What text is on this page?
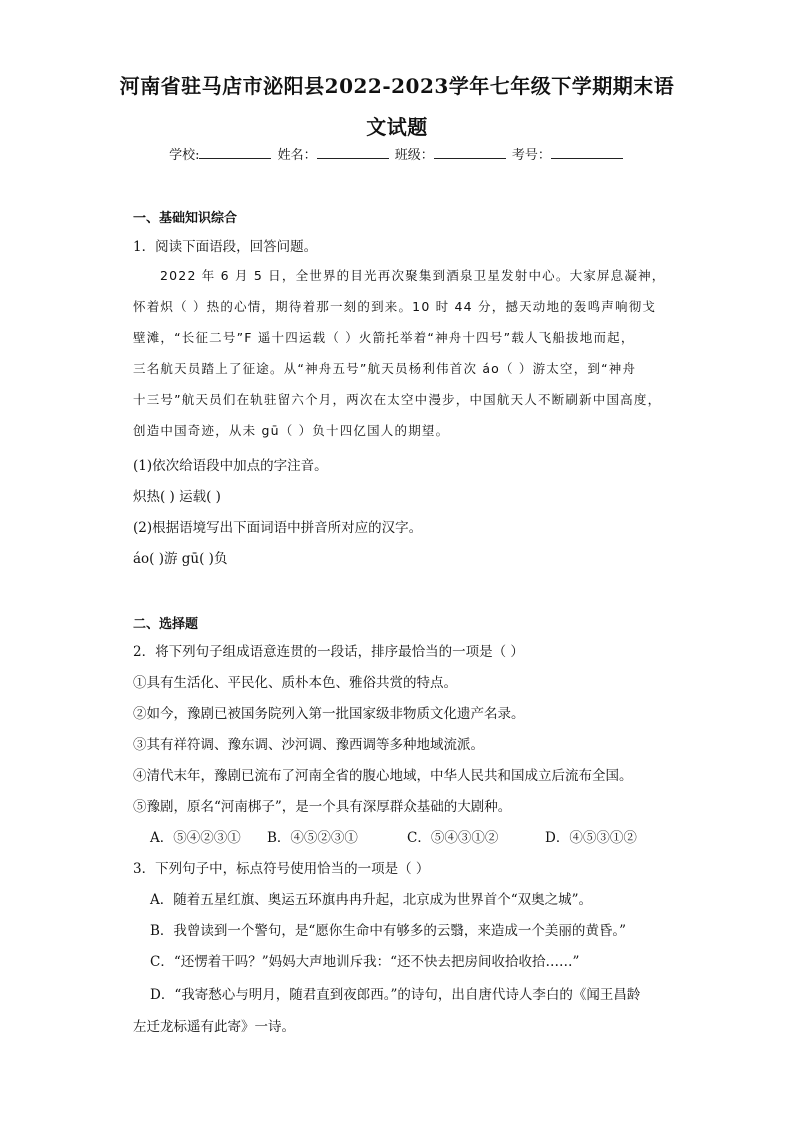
河南省驻马店市泌阳县2022-2023学年七年级下学期期末语
文试题
学校:	姓名：	班级：	考号：
一、基础知识综合
1．阅读下面语段，回答问题。
2022 年 6 月 5 日，全世界的目光再次聚集到酒泉卫星发射中心。大家屏息凝神，
怀着炽（ ）热的心情，期待着那一刻的到来。10 时 44 分，撼天动地的轰鸣声响彻戈
壁滩，“长征二号”F 遥十四运载（ ）火箭托举着“神舟十四号”载人飞船拔地而起，
三名航天员踏上了征途。从“神舟五号”航天员杨利伟首次 áo（ ）游太空，到“神舟
十三号”航天员们在轨驻留六个月，两次在太空中漫步，中国航天人不断刷新中国高度，
创造中国奇迹，从未 gū（ ）负十四亿国人的期望。
(1)依次给语段中加点的字注音。
炽热( ) 运载( )
(2)根据语境写出下面词语中拼音所对应的汉字。
áo( )游 gū( )负
二、选择题
2．将下列句子组成语意连贯的一段话，排序最恰当的一项是（ ）
①具有生活化、平民化、质朴本色、雅俗共赏的特点。
②如今，豫剧已被国务院列入第一批国家级非物质文化遗产名录。
③其有祥符调、豫东调、沙河调、豫西调等多种地域流派。
④清代末年，豫剧已流布了河南全省的腹心地域，中华人民共和国成立后流布全国。
⑤豫剧，原名“河南梆子”，是一个具有深厚群众基础的大剧种。
A．⑤④②③① B．④⑤②③①	C．⑤④③①②	D．④⑤③①②
3．下列句子中，标点符号使用恰当的一项是（ ）
A．随着五星红旗、奥运五环旗冉冉升起，北京成为世界首个“双奥之城”。
B．我曾读到一个警句，是“愿你生命中有够多的云翳，来造成一个美丽的黄昏。”
C．“还愣着干吗？”妈妈大声地训斥我：“还不快去把房间收拾收拾……”
D．“我寄愁心与明月，随君直到夜郎西。”的诗句，出自唐代诗人李白的《闻王昌龄
左迁龙标遥有此寄》一诗。
